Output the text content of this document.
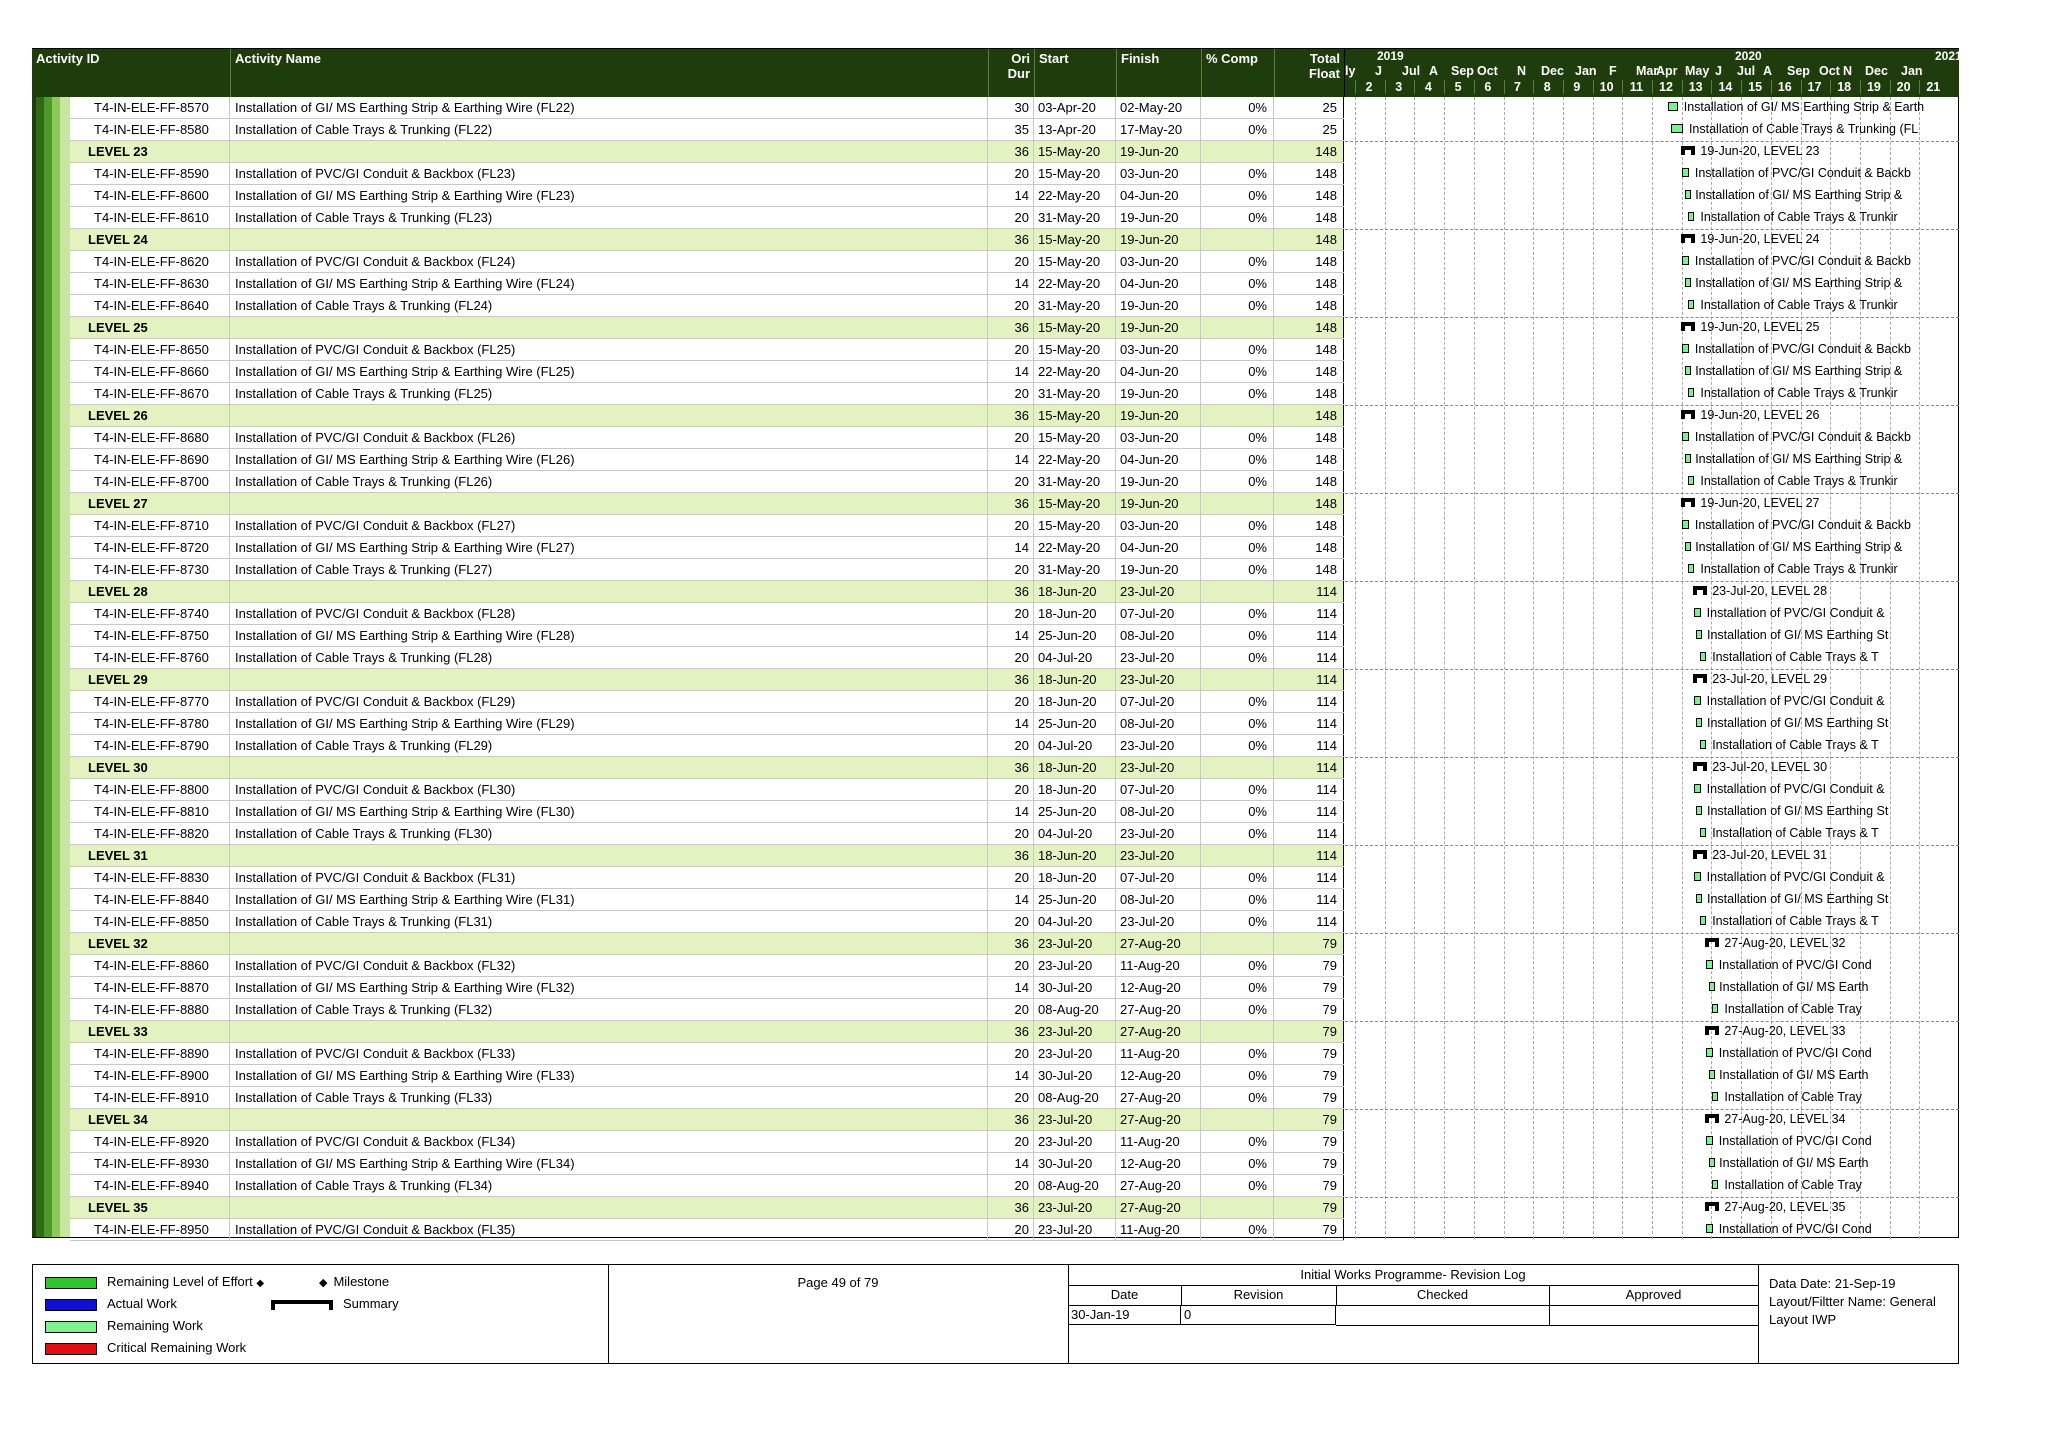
Activity ID	Activity Name	Ori
Dur
Start	Finish	% Comp	Total
Float
2019	2020	2021
ly J Jul A Sep Oct N Dec Jan F Mar
Apr May J Jul A Sep Oct N Dec Jan
2	3	4	5	6	7	8	9	10	11	12	13	14	15	16	17	18	19	20	21
T4-IN-ELE-FF-8570	Installation of GI/ MS Earthing Strip & Earthing Wire (FL22)	30 03-Apr-20	02-May-20	0%	25
T4-IN-ELE-FF-8580	Installation of Cable Trays & Trunking (FL22)	35 13-Apr-20	17-May-20	0%	25
LEVEL 23	36 15-May-20	19-Jun-20	148
T4-IN-ELE-FF-8590	Installation of PVC/GI Conduit & Backbox (FL23)	20 15-May-20	03-Jun-20	0%	148
T4-IN-ELE-FF-8600	Installation of GI/ MS Earthing Strip & Earthing Wire (FL23)	14 22-May-20	04-Jun-20	0%	148
T4-IN-ELE-FF-8610	Installation of Cable Trays & Trunking (FL23)	20 31-May-20	19-Jun-20	0%	148
LEVEL 24	36 15-May-20	19-Jun-20	148
T4-IN-ELE-FF-8620	Installation of PVC/GI Conduit & Backbox (FL24)	20 15-May-20	03-Jun-20	0%	148
T4-IN-ELE-FF-8630	Installation of GI/ MS Earthing Strip & Earthing Wire (FL24)	14 22-May-20	04-Jun-20	0%	148
T4-IN-ELE-FF-8640	Installation of Cable Trays & Trunking (FL24)	20 31-May-20	19-Jun-20	0%	148
LEVEL 25	36 15-May-20	19-Jun-20	148
T4-IN-ELE-FF-8650	Installation of PVC/GI Conduit & Backbox (FL25)	20 15-May-20	03-Jun-20	0%	148
T4-IN-ELE-FF-8660	Installation of GI/ MS Earthing Strip & Earthing Wire (FL25)	14 22-May-20	04-Jun-20	0%	148
T4-IN-ELE-FF-8670	Installation of Cable Trays & Trunking (FL25)	20 31-May-20	19-Jun-20	0%	148
LEVEL 26	36 15-May-20	19-Jun-20	148
T4-IN-ELE-FF-8680	Installation of PVC/GI Conduit & Backbox (FL26)	20 15-May-20	03-Jun-20	0%	148
T4-IN-ELE-FF-8690	Installation of GI/ MS Earthing Strip & Earthing Wire (FL26)	14 22-May-20	04-Jun-20	0%	148
T4-IN-ELE-FF-8700	Installation of Cable Trays & Trunking (FL26)	20 31-May-20	19-Jun-20	0%	148
LEVEL 27	36 15-May-20	19-Jun-20	148
T4-IN-ELE-FF-8710	Installation of PVC/GI Conduit & Backbox (FL27)	20 15-May-20	03-Jun-20	0%	148
T4-IN-ELE-FF-8720	Installation of GI/ MS Earthing Strip & Earthing Wire (FL27)	14 22-May-20	04-Jun-20	0%	148
T4-IN-ELE-FF-8730	Installation of Cable Trays & Trunking (FL27)	20 31-May-20	19-Jun-20	0%	148
LEVEL 28	36 18-Jun-20	23-Jul-20	114
T4-IN-ELE-FF-8740	Installation of PVC/GI Conduit & Backbox (FL28)	20 18-Jun-20	07-Jul-20	0%	114
T4-IN-ELE-FF-8750	Installation of GI/ MS Earthing Strip & Earthing Wire (FL28)	14 25-Jun-20	08-Jul-20	0%	114
T4-IN-ELE-FF-8760	Installation of Cable Trays & Trunking (FL28)	20 04-Jul-20	23-Jul-20	0%	114
LEVEL 29	36 18-Jun-20	23-Jul-20	114
T4-IN-ELE-FF-8770	Installation of PVC/GI Conduit & Backbox (FL29)	20 18-Jun-20	07-Jul-20	0%	114
T4-IN-ELE-FF-8780	Installation of GI/ MS Earthing Strip & Earthing Wire (FL29)	14 25-Jun-20	08-Jul-20	0%	114
T4-IN-ELE-FF-8790	Installation of Cable Trays & Trunking (FL29)	20 04-Jul-20	23-Jul-20	0%	114
LEVEL 30	36 18-Jun-20	23-Jul-20	114
T4-IN-ELE-FF-8800	Installation of PVC/GI Conduit & Backbox (FL30)	20 18-Jun-20	07-Jul-20	0%	114
T4-IN-ELE-FF-8810	Installation of GI/ MS Earthing Strip & Earthing Wire (FL30)	14 25-Jun-20	08-Jul-20	0%	114
T4-IN-ELE-FF-8820	Installation of Cable Trays & Trunking (FL30)	20 04-Jul-20	23-Jul-20	0%	114
LEVEL 31	36 18-Jun-20	23-Jul-20	114
T4-IN-ELE-FF-8830	Installation of PVC/GI Conduit & Backbox (FL31)	20 18-Jun-20	07-Jul-20	0%	114
T4-IN-ELE-FF-8840	Installation of GI/ MS Earthing Strip & Earthing Wire (FL31)	14 25-Jun-20	08-Jul-20	0%	114
T4-IN-ELE-FF-8850	Installation of Cable Trays & Trunking (FL31)	20 04-Jul-20	23-Jul-20	0%	114
LEVEL 32	36 23-Jul-20	27-Aug-20	79
T4-IN-ELE-FF-8860	Installation of PVC/GI Conduit & Backbox (FL32)	20 23-Jul-20	11-Aug-20	0%	79
T4-IN-ELE-FF-8870	Installation of GI/ MS Earthing Strip & Earthing Wire (FL32)	14 30-Jul-20	12-Aug-20	0%	79
T4-IN-ELE-FF-8880	Installation of Cable Trays & Trunking (FL32)	20 08-Aug-20	27-Aug-20	0%	79
LEVEL 33	36 23-Jul-20	27-Aug-20	79
T4-IN-ELE-FF-8890	Installation of PVC/GI Conduit & Backbox (FL33)	20 23-Jul-20	11-Aug-20	0%	79
T4-IN-ELE-FF-8900	Installation of GI/ MS Earthing Strip & Earthing Wire (FL33)	14 30-Jul-20	12-Aug-20	0%	79
T4-IN-ELE-FF-8910	Installation of Cable Trays & Trunking (FL33)	20 08-Aug-20	27-Aug-20	0%	79
LEVEL 34	36 23-Jul-20	27-Aug-20	79
T4-IN-ELE-FF-8920	Installation of PVC/GI Conduit & Backbox (FL34)	20 23-Jul-20	11-Aug-20	0%	79
T4-IN-ELE-FF-8930	Installation of GI/ MS Earthing Strip & Earthing Wire (FL34)	14 30-Jul-20	12-Aug-20	0%	79
T4-IN-ELE-FF-8940	Installation of Cable Trays & Trunking (FL34)	20 08-Aug-20	27-Aug-20	0%	79
LEVEL 35	36 23-Jul-20	27-Aug-20	79
T4-IN-ELE-FF-8950	Installation of PVC/GI Conduit & Backbox (FL35)	20 23-Jul-20	11-Aug-20	0%	79
Installation of GI/ MS Earthing Strip & Earth
Installation of Cable Trays & Trunking (FL
19-Jun-20, LEVEL 23
Installation of PVC/GI Conduit & Backb
Installation of GI/ MS Earthing Strip &
Installation of Cable Trays & Trunkir
19-Jun-20, LEVEL 24
Installation of PVC/GI Conduit & Backb
Installation of GI/ MS Earthing Strip &
Installation of Cable Trays & Trunkir
19-Jun-20, LEVEL 25
Installation of PVC/GI Conduit & Backb
Installation of GI/ MS Earthing Strip &
Installation of Cable Trays & Trunkir
19-Jun-20, LEVEL 26
Installation of PVC/GI Conduit & Backb
Installation of GI/ MS Earthing Strip &
Installation of Cable Trays & Trunkir
19-Jun-20, LEVEL 27
Installation of PVC/GI Conduit & Backb
Installation of GI/ MS Earthing Strip &
Installation of Cable Trays & Trunkir
23-Jul-20, LEVEL 28
Installation of PVC/GI Conduit &
Installation of GI/ MS Earthing St
Installation of Cable Trays & T
23-Jul-20, LEVEL 29
Installation of PVC/GI Conduit &
Installation of GI/ MS Earthing St
Installation of Cable Trays & T
23-Jul-20, LEVEL 30
Installation of PVC/GI Conduit &
Installation of GI/ MS Earthing St
Installation of Cable Trays & T
23-Jul-20, LEVEL 31
Installation of PVC/GI Conduit &
Installation of GI/ MS Earthing St
Installation of Cable Trays & T
27-Aug-20, LEVEL 32
Installation of PVC/GI Cond
Installation of GI/ MS Earth
Installation of Cable Tray
27-Aug-20, LEVEL 33
Installation of PVC/GI Cond
Installation of GI/ MS Earth
Installation of Cable Tray
27-Aug-20, LEVEL 34
Installation of PVC/GI Cond
Installation of GI/ MS Earth
Installation of Cable Tray
27-Aug-20, LEVEL 35
Installation of PVC/GI Cond
Remaining Level of Effort ◆
Actual Work
Remaining Work
Critical Remaining Work
◆ Milestone
Summary
Page 49 of 79
Initial Works Programme- Revision Log
Date	Revision	Checked	Approved
30-Jan-19	0
Data Date: 21-Sep-19
Layout/Filtter Name: General
Layout IWP
